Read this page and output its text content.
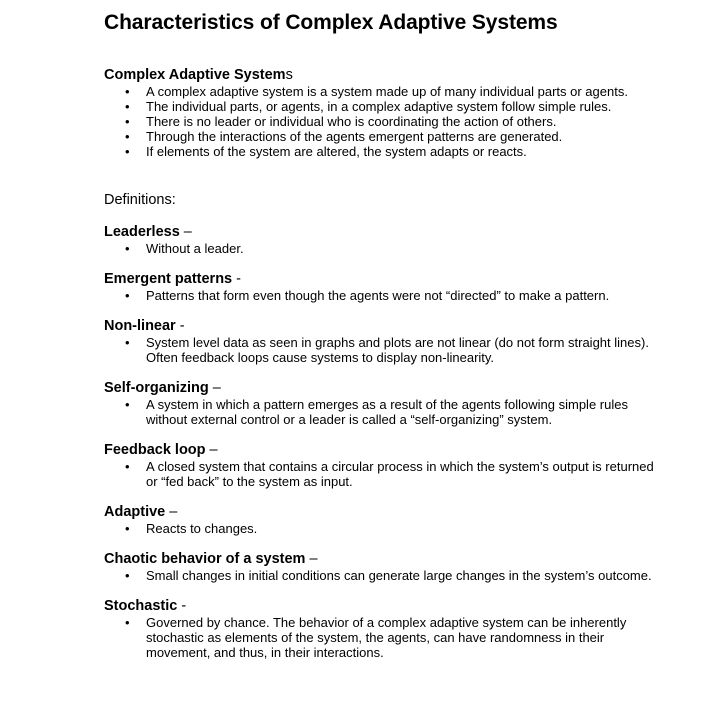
Characteristics of Complex Adaptive Systems

Complex Adaptive Systems

• A complex adaptive system is a system made up of many individual parts or agents.
• The individual parts, or agents, in a complex adaptive system follow simple rules.
• There is no leader or individual who is coordinating the action of others.
• Through the interactions of the agents emergent patterns are generated.
• If elements of the system are altered, the system adapts or reacts.

Definitions:

Leaderless –

• Without a leader.

Emergent patterns -

• Patterns that form even though the agents were not “directed” to make a pattern.

Non-linear -

• System level data as seen in graphs and plots are not linear (do not form straight lines). Often feedback loops cause systems to display non-linearity.

Self-organizing –

• A system in which a pattern emerges as a result of the agents following simple rules without external control or a leader is called a “self-organizing” system.

Feedback loop –

• A closed system that contains a circular process in which the system’s output is returned or “fed back” to the system as input.

Adaptive –

• Reacts to changes.

Chaotic behavior of a system –

• Small changes in initial conditions can generate large changes in the system’s outcome.

Stochastic -

• Governed by chance. The behavior of a complex adaptive system can be inherently stochastic as elements of the system, the agents, can have randomness in their movement, and thus, in their interactions.
